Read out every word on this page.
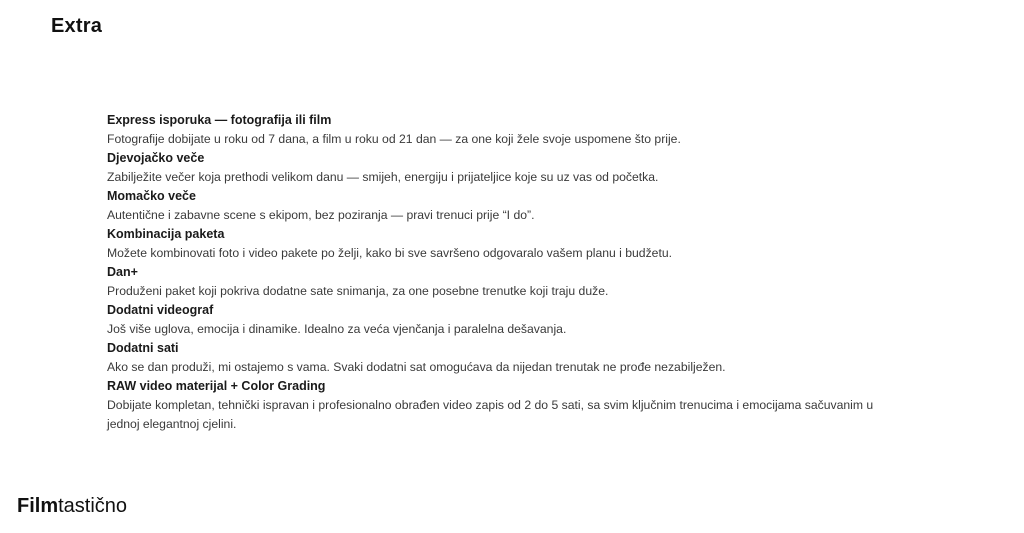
Extra
Express isporuka — fotografija ili film
Fotografije dobijate u roku od 7 dana, a film u roku od 21 dan — za one koji žele svoje uspomene što prije.
Djevojačko veče
Zabilježite večer koja prethodi velikom danu — smijeh, energiju i prijateljice koje su uz vas od početka.
Momačko veče
Autentične i zabavne scene s ekipom, bez poziranja — pravi trenuci prije “I do”.
Kombinacija paketa
Možete kombinovati foto i video pakete po želji, kako bi sve savršeno odgovaralo vašem planu i budžetu.
Dan+
Produženi paket koji pokriva dodatne sate snimanja, za one posebne trenutke koji traju duže.
Dodatni videograf
Još više uglova, emocija i dinamike. Idealno za veća vjenčanja i paralelna dešavanja.
Dodatni sati
Ako se dan produži, mi ostajemo s vama. Svaki dodatni sat omogućava da nijedan trenutak ne prođe nezabilježen.
RAW video materijal + Color Grading
Dobijate kompletan, tehnički ispravan i profesionalno obrađen video zapis od 2 do 5 sati, sa svim ključnim trenucima i emocijama sačuvanim u jednoj elegantnoj cjelini.
Filmtastično
